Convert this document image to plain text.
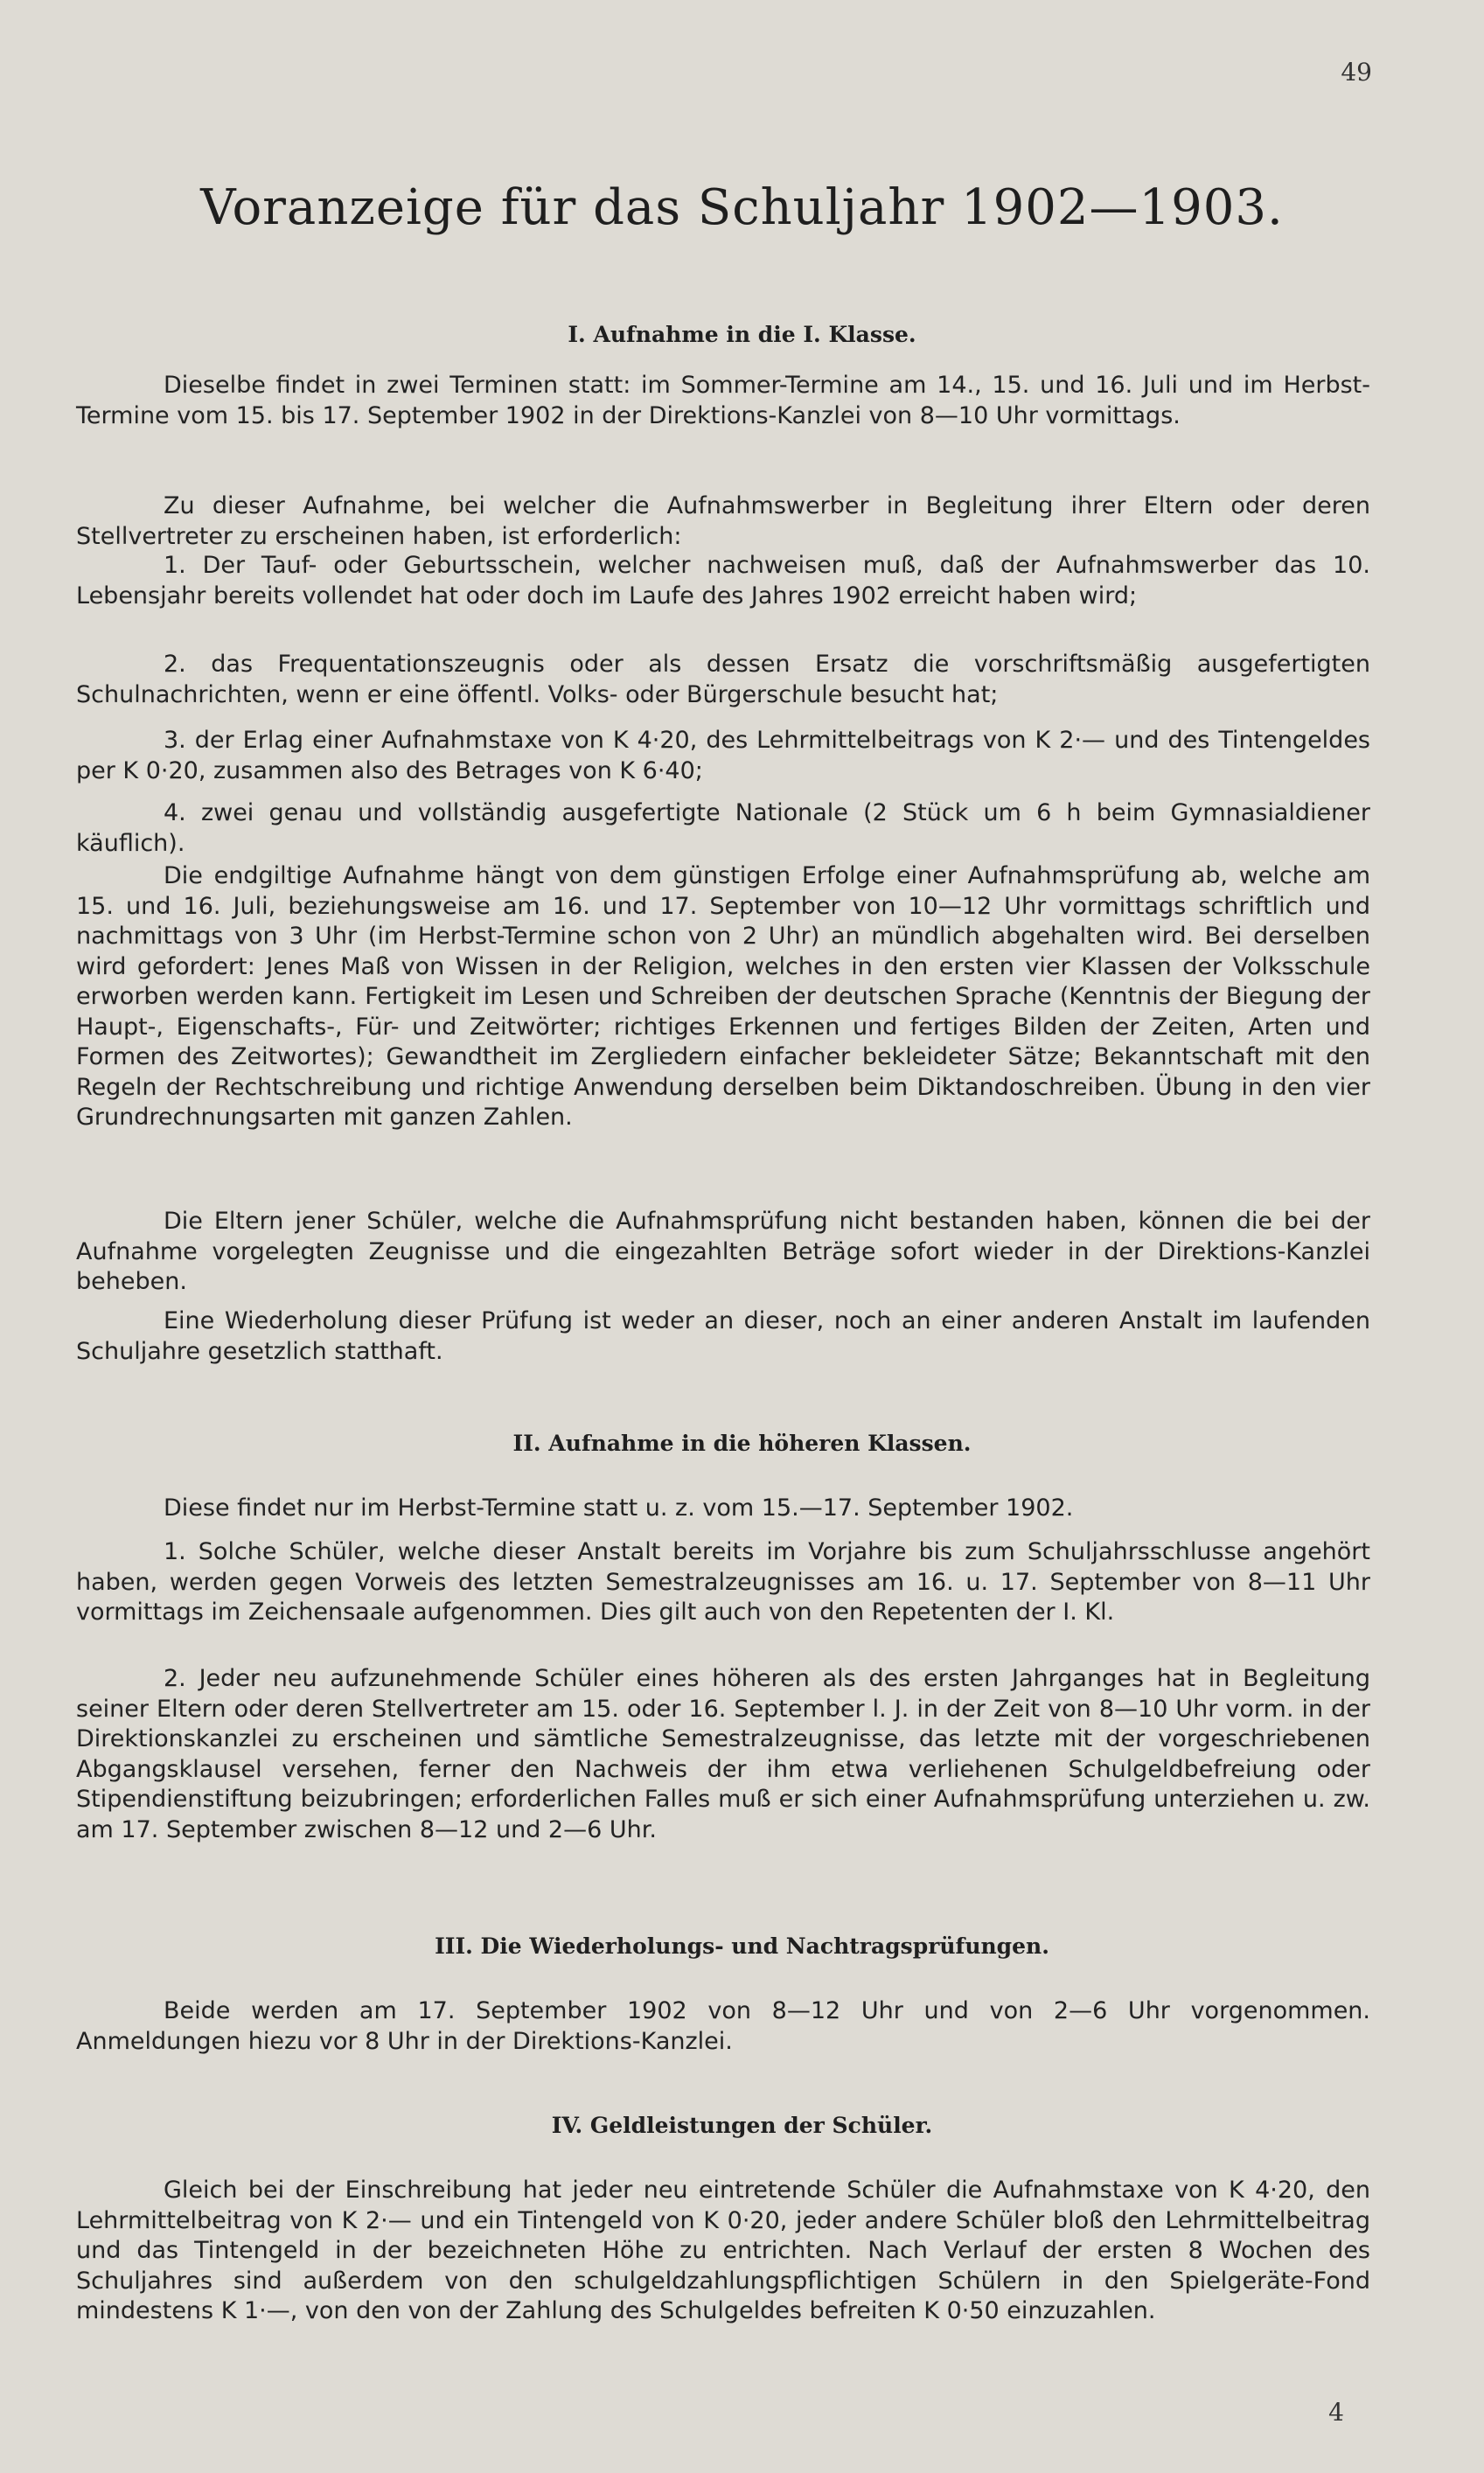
49
Voranzeige für das Schuljahr 1902—1903.
I. Aufnahme in die I. Klasse.
Dieselbe findet in zwei Terminen statt: im Sommer-Termine am 14., 15. und 16. Juli und im Herbst-Termine vom 15. bis 17. September 1902 in der Direktions-Kanzlei von 8—10 Uhr vormittags.
Zu dieser Aufnahme, bei welcher die Aufnahmswerber in Begleitung ihrer Eltern oder deren Stellvertreter zu erscheinen haben, ist erforderlich:
1. Der Tauf- oder Geburtsschein, welcher nachweisen muß, daß der Aufnahmswerber das 10. Lebensjahr bereits vollendet hat oder doch im Laufe des Jahres 1902 erreicht haben wird;
2. das Frequentationszeugnis oder als dessen Ersatz die vorschriftsmäßig ausgefertigten Schulnachrichten, wenn er eine öffentl. Volks- oder Bürgerschule besucht hat;
3. der Erlag einer Aufnahmstaxe von K 4·20, des Lehrmittelbeitrags von K 2·— und des Tintengeldes per K 0·20, zusammen also des Betrages von K 6·40;
4. zwei genau und vollständig ausgefertigte Nationale (2 Stück um 6 h beim Gymnasialdiener käuflich).
Die endgiltige Aufnahme hängt von dem günstigen Erfolge einer Aufnahmsprüfung ab, welche am 15. und 16. Juli, beziehungsweise am 16. und 17. September von 10—12 Uhr vormittags schriftlich und nachmittags von 3 Uhr (im Herbst-Termine schon von 2 Uhr) an mündlich abgehalten wird. Bei derselben wird gefordert: Jenes Maß von Wissen in der Religion, welches in den ersten vier Klassen der Volksschule erworben werden kann. Fertigkeit im Lesen und Schreiben der deutschen Sprache (Kenntnis der Biegung der Haupt-, Eigenschafts-, Für- und Zeitwörter; richtiges Erkennen und fertiges Bilden der Zeiten, Arten und Formen des Zeitwortes); Gewandtheit im Zergliedern einfacher bekleideter Sätze; Bekanntschaft mit den Regeln der Rechtschreibung und richtige Anwendung derselben beim Diktandoschreiben. Übung in den vier Grundrechnungsarten mit ganzen Zahlen.
Die Eltern jener Schüler, welche die Aufnahmsprüfung nicht bestanden haben, können die bei der Aufnahme vorgelegten Zeugnisse und die eingezahlten Beträge sofort wieder in der Direktions-Kanzlei beheben.
Eine Wiederholung dieser Prüfung ist weder an dieser, noch an einer anderen Anstalt im laufenden Schuljahre gesetzlich statthaft.
II. Aufnahme in die höheren Klassen.
Diese findet nur im Herbst-Termine statt u. z. vom 15.—17. September 1902.
1. Solche Schüler, welche dieser Anstalt bereits im Vorjahre bis zum Schuljahrsschlusse angehört haben, werden gegen Vorweis des letzten Semestralzeugnisses am 16. u. 17. September von 8—11 Uhr vormittags im Zeichensaale aufgenommen. Dies gilt auch von den Repetenten der I. Kl.
2. Jeder neu aufzunehmende Schüler eines höheren als des ersten Jahrganges hat in Begleitung seiner Eltern oder deren Stellvertreter am 15. oder 16. September l. J. in der Zeit von 8—10 Uhr vorm. in der Direktionskanzlei zu erscheinen und sämtliche Semestralzeugnisse, das letzte mit der vorgeschriebenen Abgangsklausel versehen, ferner den Nachweis der ihm etwa verliehenen Schulgeldbefreiung oder Stipendienstiftung beizubringen; erforderlichen Falles muß er sich einer Aufnahmsprüfung unterziehen u. zw. am 17. September zwischen 8—12 und 2—6 Uhr.
III. Die Wiederholungs- und Nachtragsprüfungen.
Beide werden am 17. September 1902 von 8—12 Uhr und von 2—6 Uhr vorgenommen. Anmeldungen hiezu vor 8 Uhr in der Direktions-Kanzlei.
IV. Geldleistungen der Schüler.
Gleich bei der Einschreibung hat jeder neu eintretende Schüler die Aufnahmstaxe von K 4·20, den Lehrmittelbeitrag von K 2·— und ein Tintengeld von K 0·20, jeder andere Schüler bloß den Lehrmittelbeitrag und das Tintengeld in der bezeichneten Höhe zu entrichten. Nach Verlauf der ersten 8 Wochen des Schuljahres sind außerdem von den schulgeldzahlungspflichtigen Schülern in den Spielgeräte-Fond mindestens K 1·—, von den von der Zahlung des Schulgeldes befreiten K 0·50 einzuzahlen.
4
